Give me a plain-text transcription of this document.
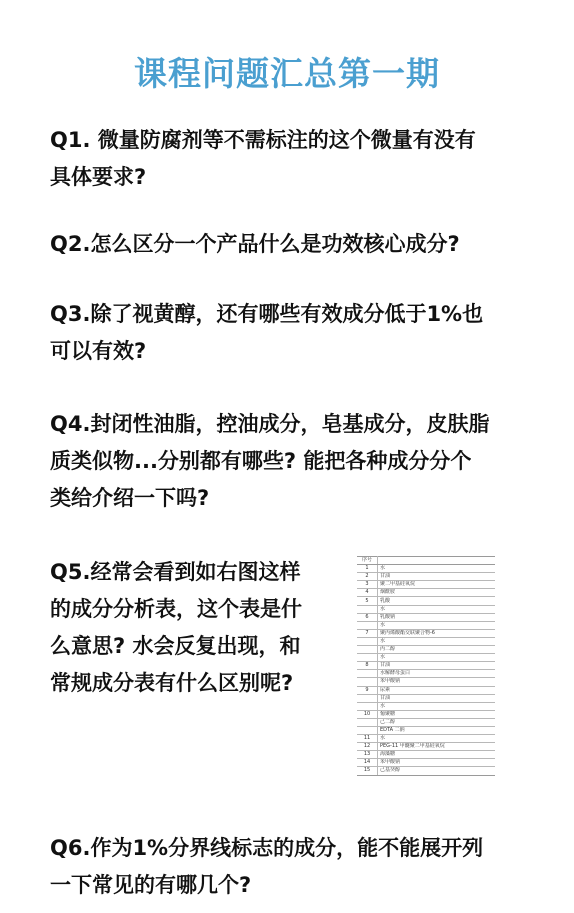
课程问题汇总第一期
Q1. 微量防腐剂等不需标注的这个微量有没有
具体要求?
Q2.怎么区分一个产品什么是功效核心成分?
Q3.除了视黄醇，还有哪些有效成分低于1%也
可以有效?
Q4.封闭性油脂，控油成分，皂基成分，皮肤脂
质类似物...分别都有哪些? 能把各种成分分个
类给介绍一下吗?
Q5.经常会看到如右图这样
的成分分析表，这个表是什
么意思? 水会反复出现，和
常规成分表有什么区别呢?
序号	
1	水
2	甘油
3	聚二甲基硅氧烷
4	烟酰胺
5	乳酸
	水
6	乳酸钠
	水
7	聚丙烯酸酯交联聚合物-6
	水
	丙二醇
	水
8	甘油
	水解酵母蛋白
	苯甲酸钠
9	尿素
	甘油
	水
10	葡聚糖
	己二醇
	EDTA 二钠
11	水
12	PEG-11 甲醚聚二甲基硅氧烷
13	海藻糖
14	苯甲酸钠
15	己基癸醇
Q6.作为1%分界线标志的成分，能不能展开列
一下常见的有哪几个?
